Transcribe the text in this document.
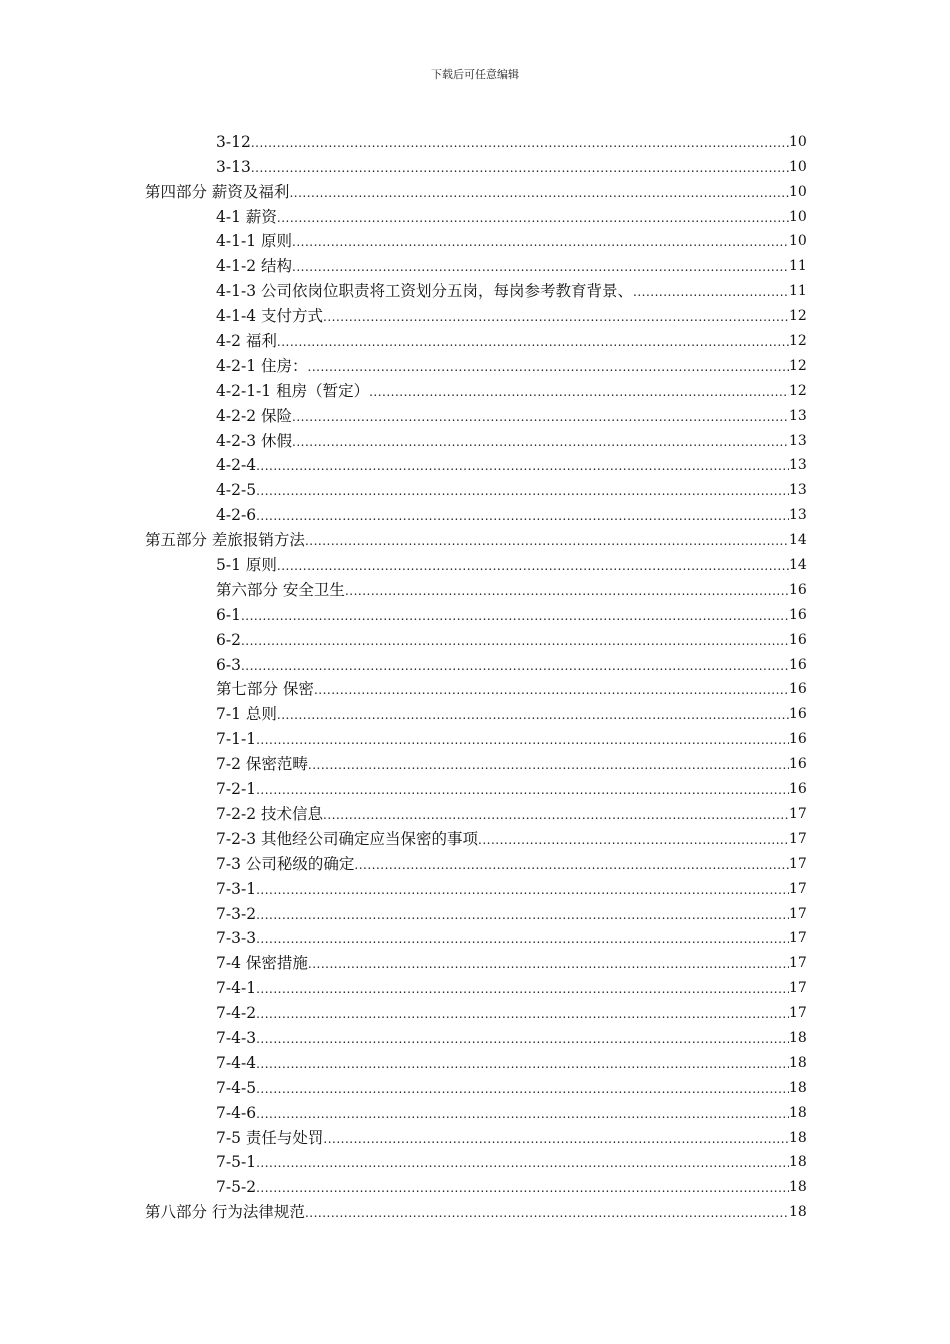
下载后可任意编辑
3-12 .....	10
3-13 .....	10
第四部分 薪资及福利 .....	10
4-1 薪资 .....	10
4-1-1 原则 .....	10
4-1-2 结构 .....	11
4-1-3 公司依岗位职责将工资划分五岗，每岗参考教育背景、 .....	11
4-1-4 支付方式 .....	12
4-2 福利 .....	12
4-2-1 住房： .....	12
4-2-1-1 租房（暂定） .....	12
4-2-2 保险 .....	13
4-2-3 休假 .....	13
4-2-4 .....	13
4-2-5 .....	13
4-2-6 .....	13
第五部分 差旅报销方法 .....	14
5-1 原则 .....	14
第六部分 安全卫生 .....	16
6-1 .....	16
6-2 .....	16
6-3 .....	16
第七部分 保密 .....	16
7-1 总则 .....	16
7-1-1 .....	16
7-2 保密范畴 .....	16
7-2-1 .....	16
7-2-2 技术信息 .....	17
7-2-3 其他经公司确定应当保密的事项 .....	17
7-3 公司秘级的确定 .....	17
7-3-1 .....	17
7-3-2 .....	17
7-3-3 .....	17
7-4 保密措施 .....	17
7-4-1 .....	17
7-4-2 .....	17
7-4-3 .....	18
7-4-4 .....	18
7-4-5 .....	18
7-4-6 .....	18
7-5 责任与处罚 .....	18
7-5-1 .....	18
7-5-2 .....	18
第八部分 行为法律规范 .....	18
